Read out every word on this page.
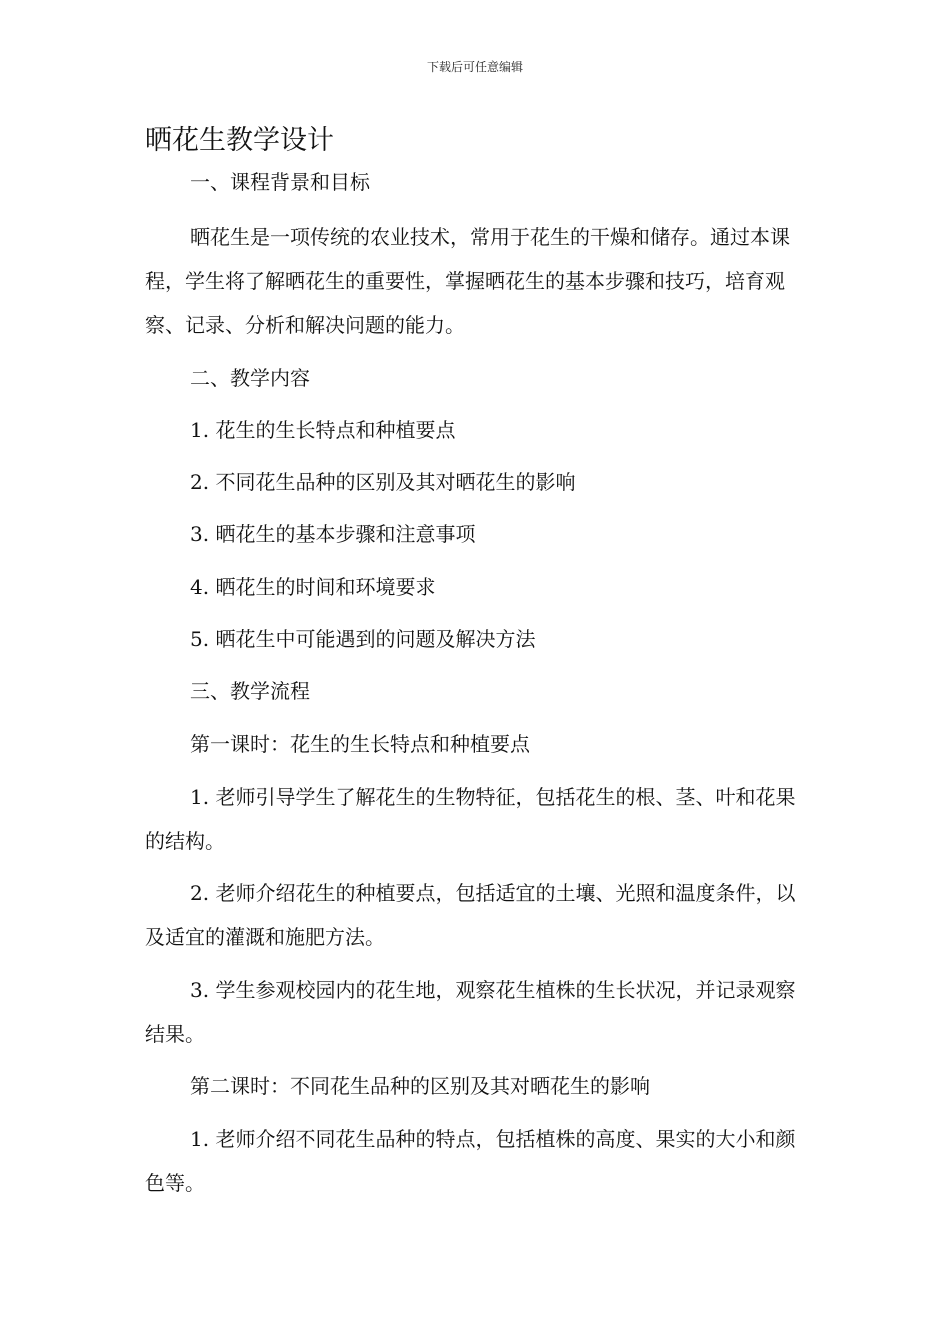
下载后可任意编辑
晒花生教学设计

一、课程背景和目标

晒花生是一项传统的农业技术，常用于花生的干燥和储存。通过本课程，学生将了解晒花生的重要性，掌握晒花生的基本步骤和技巧，培育观察、记录、分析和解决问题的能力。

二、教学内容

1. 花生的生长特点和种植要点

2. 不同花生品种的区别及其对晒花生的影响

3. 晒花生的基本步骤和注意事项

4. 晒花生的时间和环境要求

5. 晒花生中可能遇到的问题及解决方法

三、教学流程

第一课时：花生的生长特点和种植要点

1. 老师引导学生了解花生的生物特征，包括花生的根、茎、叶和花果的结构。

2. 老师介绍花生的种植要点，包括适宜的土壤、光照和温度条件，以及适宜的灌溉和施肥方法。

3. 学生参观校园内的花生地，观察花生植株的生长状况，并记录观察结果。

第二课时：不同花生品种的区别及其对晒花生的影响

1. 老师介绍不同花生品种的特点，包括植株的高度、果实的大小和颜色等。
